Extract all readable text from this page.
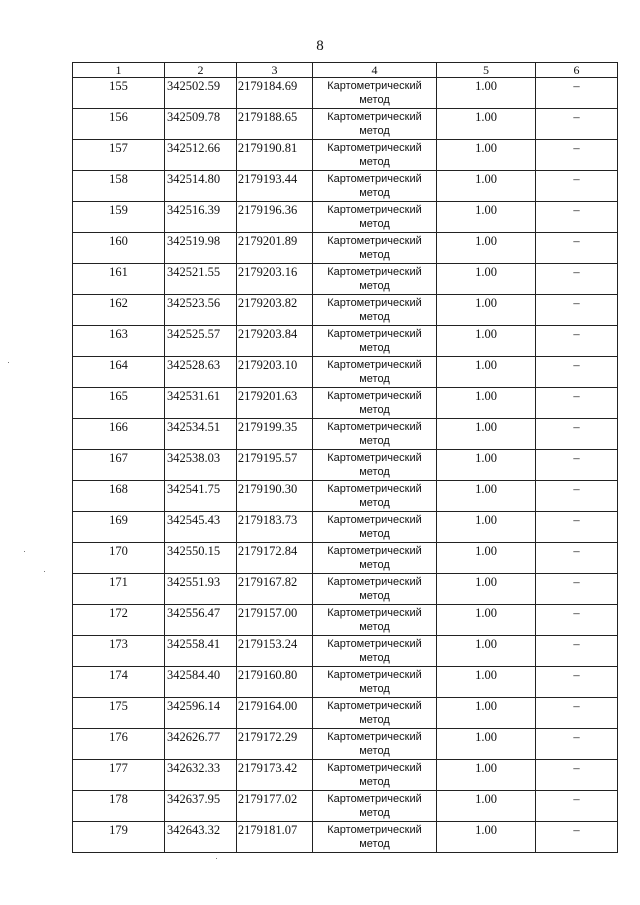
8
1	2	3	4	5	6
155	342502.59	2179184.69	Картометрический метод	1.00	–
156	342509.78	2179188.65	Картометрический метод	1.00	–
157	342512.66	2179190.81	Картометрический метод	1.00	–
158	342514.80	2179193.44	Картометрический метод	1.00	–
159	342516.39	2179196.36	Картометрический метод	1.00	–
160	342519.98	2179201.89	Картометрический метод	1.00	–
161	342521.55	2179203.16	Картометрический метод	1.00	–
162	342523.56	2179203.82	Картометрический метод	1.00	–
163	342525.57	2179203.84	Картометрический метод	1.00	–
164	342528.63	2179203.10	Картометрический метод	1.00	–
165	342531.61	2179201.63	Картометрический метод	1.00	–
166	342534.51	2179199.35	Картометрический метод	1.00	–
167	342538.03	2179195.57	Картометрический метод	1.00	–
168	342541.75	2179190.30	Картометрический метод	1.00	–
169	342545.43	2179183.73	Картометрический метод	1.00	–
170	342550.15	2179172.84	Картометрический метод	1.00	–
171	342551.93	2179167.82	Картометрический метод	1.00	–
172	342556.47	2179157.00	Картометрический метод	1.00	–
173	342558.41	2179153.24	Картометрический метод	1.00	–
174	342584.40	2179160.80	Картометрический метод	1.00	–
175	342596.14	2179164.00	Картометрический метод	1.00	–
176	342626.77	2179172.29	Картометрический метод	1.00	–
177	342632.33	2179173.42	Картометрический метод	1.00	–
178	342637.95	2179177.02	Картометрический метод	1.00	–
179	342643.32	2179181.07	Картометрический метод	1.00	–
